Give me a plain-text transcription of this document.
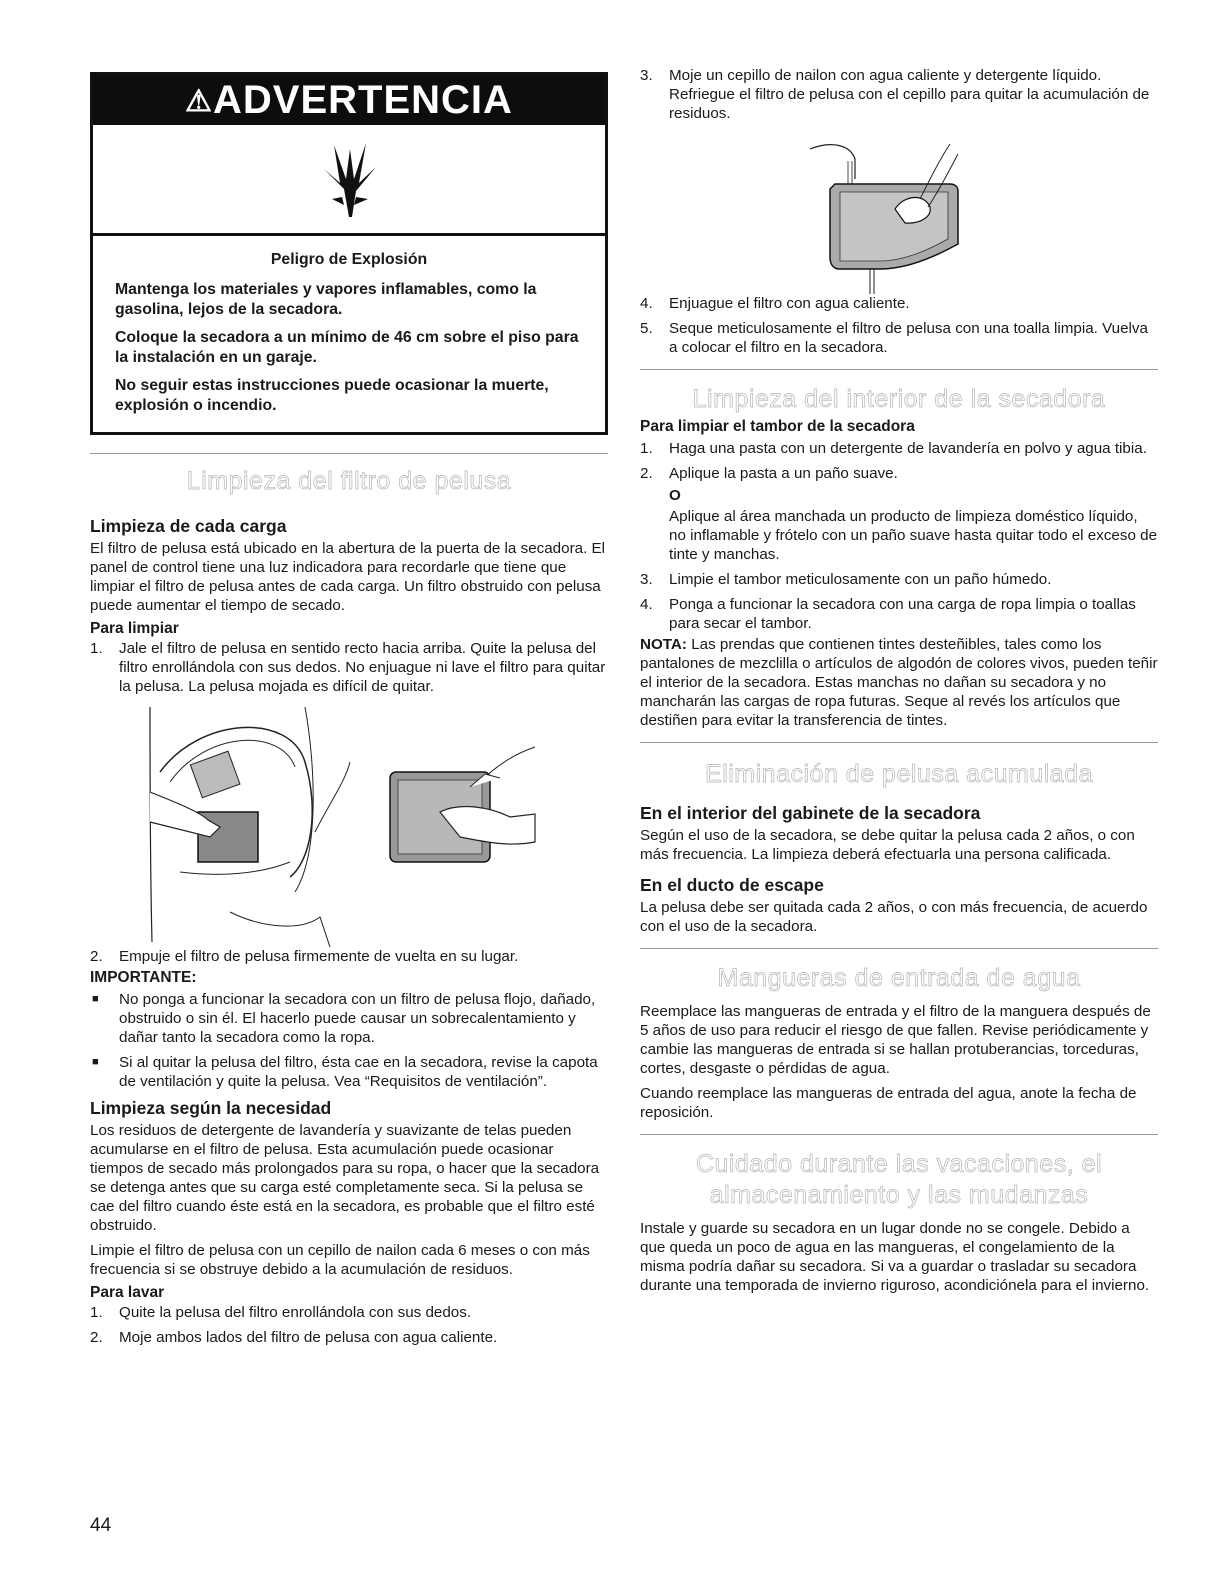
⚠ADVERTENCIA

Peligro de Explosión

Mantenga los materiales y vapores inflamables, como la gasolina, lejos de la secadora.

Coloque la secadora a un mínimo de 46 cm sobre el piso para la instalación en un garaje.

No seguir estas instrucciones puede ocasionar la muerte, explosión o incendio.

Limpieza del filtro de pelusa

Limpieza de cada carga

El filtro de pelusa está ubicado en la abertura de la puerta de la secadora. El panel de control tiene una luz indicadora para recordarle que tiene que limpiar el filtro de pelusa antes de cada carga. Un filtro obstruido con pelusa puede aumentar el tiempo de secado.

Para limpiar

1. Jale el filtro de pelusa en sentido recto hacia arriba. Quite la pelusa del filtro enrollándola con sus dedos. No enjuague ni lave el filtro para quitar la pelusa. La pelusa mojada es difícil de quitar.
2. Empuje el filtro de pelusa firmemente de vuelta en su lugar.

IMPORTANTE:

■ No ponga a funcionar la secadora con un filtro de pelusa flojo, dañado, obstruido o sin él. El hacerlo puede causar un sobrecalentamiento y dañar tanto la secadora como la ropa.
■ Si al quitar la pelusa del filtro, ésta cae en la secadora, revise la capota de ventilación y quite la pelusa. Vea “Requisitos de ventilación”.

Limpieza según la necesidad

Los residuos de detergente de lavandería y suavizante de telas pueden acumularse en el filtro de pelusa. Esta acumulación puede ocasionar tiempos de secado más prolongados para su ropa, o hacer que la secadora se detenga antes que su carga esté completamente seca. Si la pelusa se cae del filtro cuando éste está en la secadora, es probable que el filtro esté obstruido.

Limpie el filtro de pelusa con un cepillo de nailon cada 6 meses o con más frecuencia si se obstruye debido a la acumulación de residuos.

Para lavar

1. Quite la pelusa del filtro enrollándola con sus dedos.
2. Moje ambos lados del filtro de pelusa con agua caliente.
3. Moje un cepillo de nailon con agua caliente y detergente líquido. Refriegue el filtro de pelusa con el cepillo para quitar la acumulación de residuos.
4. Enjuague el filtro con agua caliente.
5. Seque meticulosamente el filtro de pelusa con una toalla limpia. Vuelva a colocar el filtro en la secadora.
Limpieza del interior de la secadora

Para limpiar el tambor de la secadora

1. Haga una pasta con un detergente de lavandería en polvo y agua tibia.
2. Aplique la pasta a un paño suave.
O
Aplique al área manchada un producto de limpieza doméstico líquido, no inflamable y frótelo con un paño suave hasta quitar todo el exceso de tinte y manchas.
3. Limpie el tambor meticulosamente con un paño húmedo.
4. Ponga a funcionar la secadora con una carga de ropa limpia o toallas para secar el tambor.

NOTA: Las prendas que contienen tintes desteñibles, tales como los pantalones de mezclilla o artículos de algodón de colores vivos, pueden teñir el interior de la secadora. Estas manchas no dañan su secadora y no mancharán las cargas de ropa futuras. Seque al revés los artículos que destiñen para evitar la transferencia de tintes.

Eliminación de pelusa acumulada

En el interior del gabinete de la secadora

Según el uso de la secadora, se debe quitar la pelusa cada 2 años, o con más frecuencia. La limpieza deberá efectuarla una persona calificada.

En el ducto de escape

La pelusa debe ser quitada cada 2 años, o con más frecuencia, de acuerdo con el uso de la secadora.

Mangueras de entrada de agua

Reemplace las mangueras de entrada y el filtro de la manguera después de 5 años de uso para reducir el riesgo de que fallen. Revise periódicamente y cambie las mangueras de entrada si se hallan protuberancias, torceduras, cortes, desgaste o pérdidas de agua.

Cuando reemplace las mangueras de entrada del agua, anote la fecha de reposición.

Cuidado durante las vacaciones, el
almacenamiento y las mudanzas

Instale y guarde su secadora en un lugar donde no se congele. Debido a que queda un poco de agua en las mangueras, el congelamiento de la misma podría dañar su secadora. Si va a guardar o trasladar su secadora durante una temporada de invierno riguroso, acondiciónela para el invierno.

44
